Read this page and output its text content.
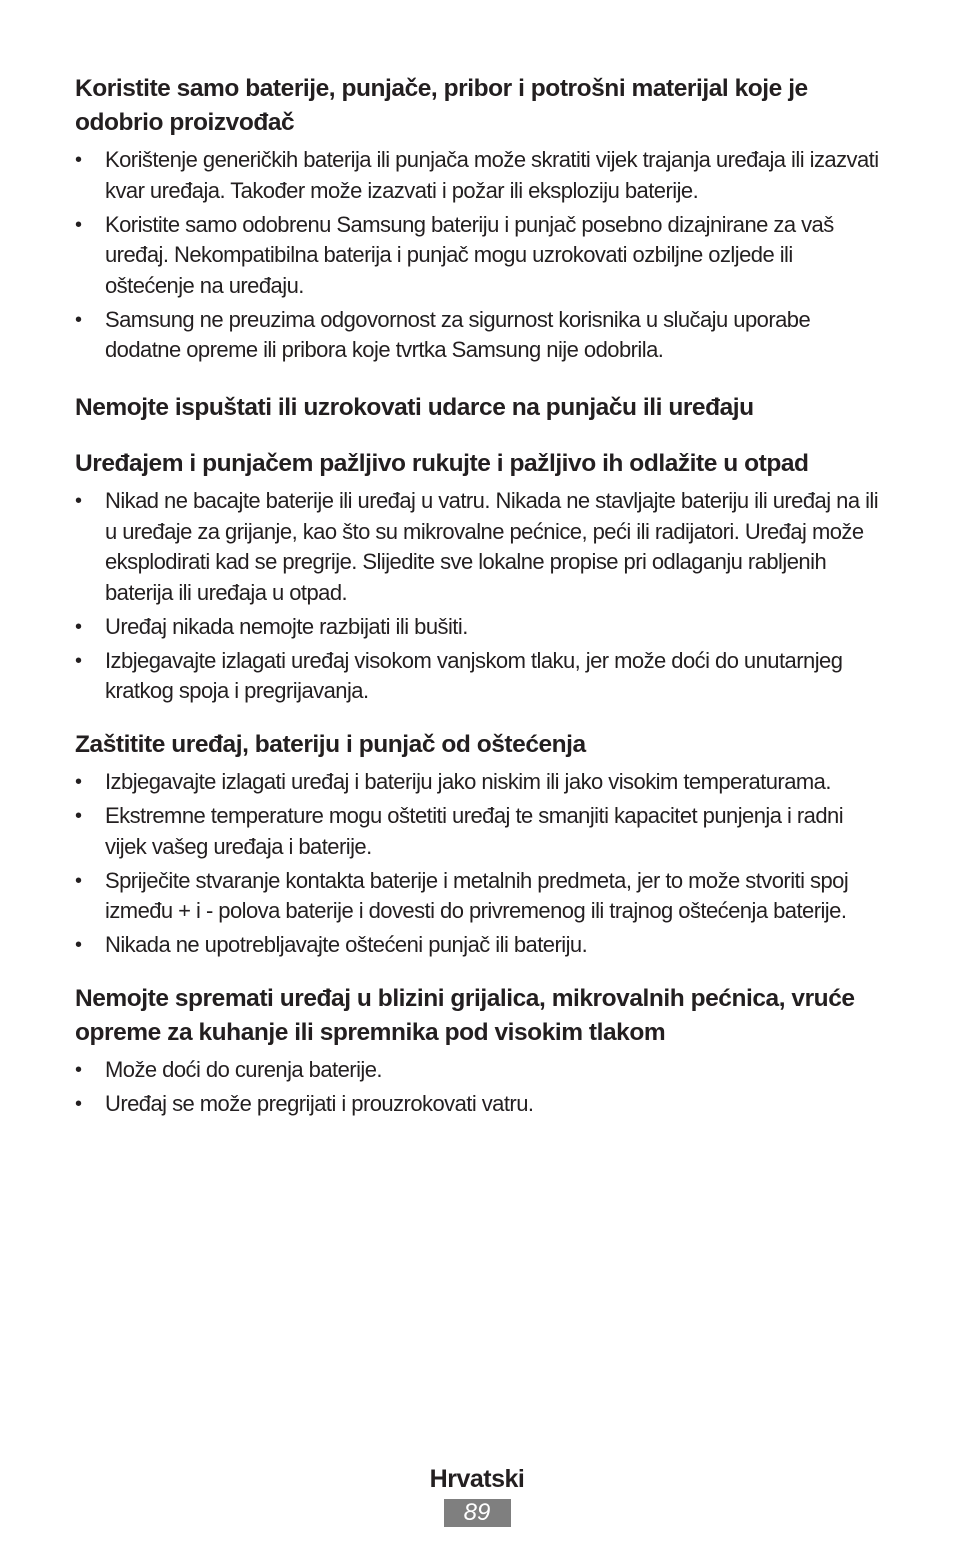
Koristite samo baterije, punjače, pribor i potrošni materijal koje je odobrio proizvođač
• Korištenje generičkih baterija ili punjača može skratiti vijek trajanja uređaja ili izazvati kvar uređaja. Također može izazvati i požar ili eksploziju baterije.
• Koristite samo odobrenu Samsung bateriju i punjač posebno dizajnirane za vaš uređaj. Nekompatibilna baterija i punjač mogu uzrokovati ozbiljne ozljede ili oštećenje na uređaju.
• Samsung ne preuzima odgovornost za sigurnost korisnika u slučaju uporabe dodatne opreme ili pribora koje tvrtka Samsung nije odobrila.
Nemojte ispuštati ili uzrokovati udarce na punjaču ili uređaju
Uređajem i punjačem pažljivo rukujte i pažljivo ih odlažite u otpad
• Nikad ne bacajte baterije ili uređaj u vatru. Nikada ne stavljajte bateriju ili uređaj na ili u uređaje za grijanje, kao što su mikrovalne pećnice, peći ili radijatori. Uređaj može eksplodirati kad se pregrije. Slijedite sve lokalne propise pri odlaganju rabljenih baterija ili uređaja u otpad.
• Uređaj nikada nemojte razbijati ili bušiti.
• Izbjegavajte izlagati uređaj visokom vanjskom tlaku, jer može doći do unutarnjeg kratkog spoja i pregrijavanja.
Zaštitite uređaj, bateriju i punjač od oštećenja
• Izbjegavajte izlagati uređaj i bateriju jako niskim ili jako visokim temperaturama.
• Ekstremne temperature mogu oštetiti uređaj te smanjiti kapacitet punjenja i radni vijek vašeg uređaja i baterije.
• Spriječite stvaranje kontakta baterije i metalnih predmeta, jer to može stvoriti spoj između + i - polova baterije i dovesti do privremenog ili trajnog oštećenja baterije.
• Nikada ne upotrebljavajte oštećeni punjač ili bateriju.
Nemojte spremati uređaj u blizini grijalica, mikrovalnih pećnica, vruće opreme za kuhanje ili spremnika pod visokim tlakom
• Može doći do curenja baterije.
• Uređaj se može pregrijati i prouzrokovati vatru.
Hrvatski
89
